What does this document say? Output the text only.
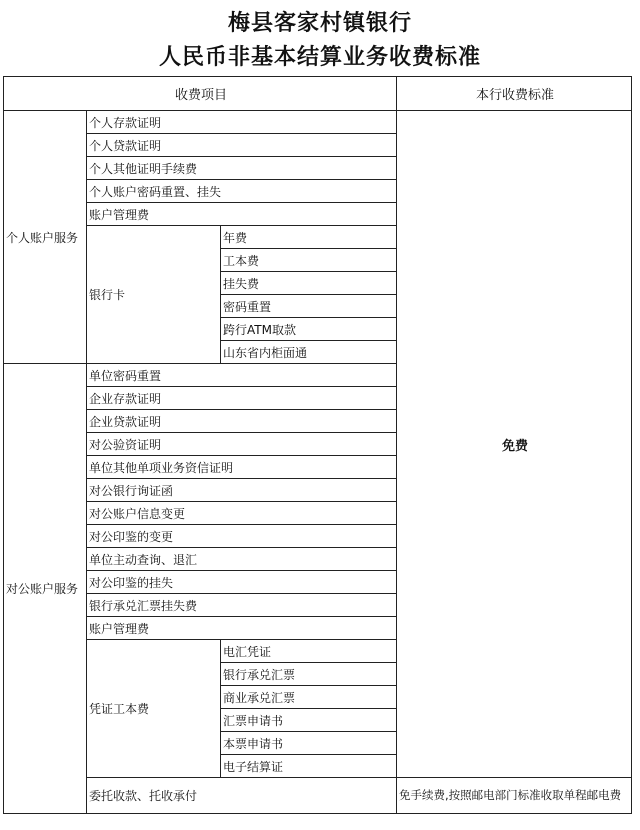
梅县客家村镇银行
人民币非基本结算业务收费标准
收费项目			本行收费标准
个人账户服务	个人存款证明		免费
	个人贷款证明		
	个人其他证明手续费		
	个人账户密码重置、挂失		
	账户管理费		
	银行卡	年费	
		工本费	
		挂失费	
		密码重置	
		跨行ATM取款	
		山东省内柜面通	
对公账户服务	单位密码重置		
	企业存款证明		
	企业贷款证明		
	对公验资证明		
	单位其他单项业务资信证明		
	对公银行询证函		
	对公账户信息变更		
	对公印鉴的变更		
	单位主动查询、退汇		
	对公印鉴的挂失		
	银行承兑汇票挂失费		
	账户管理费		
	凭证工本费	电汇凭证	
		银行承兑汇票	
		商业承兑汇票	
		汇票申请书	
		本票申请书	
		电子结算证	
	委托收款、托收承付		免手续费,按照邮电部门标准收取单程邮电费
